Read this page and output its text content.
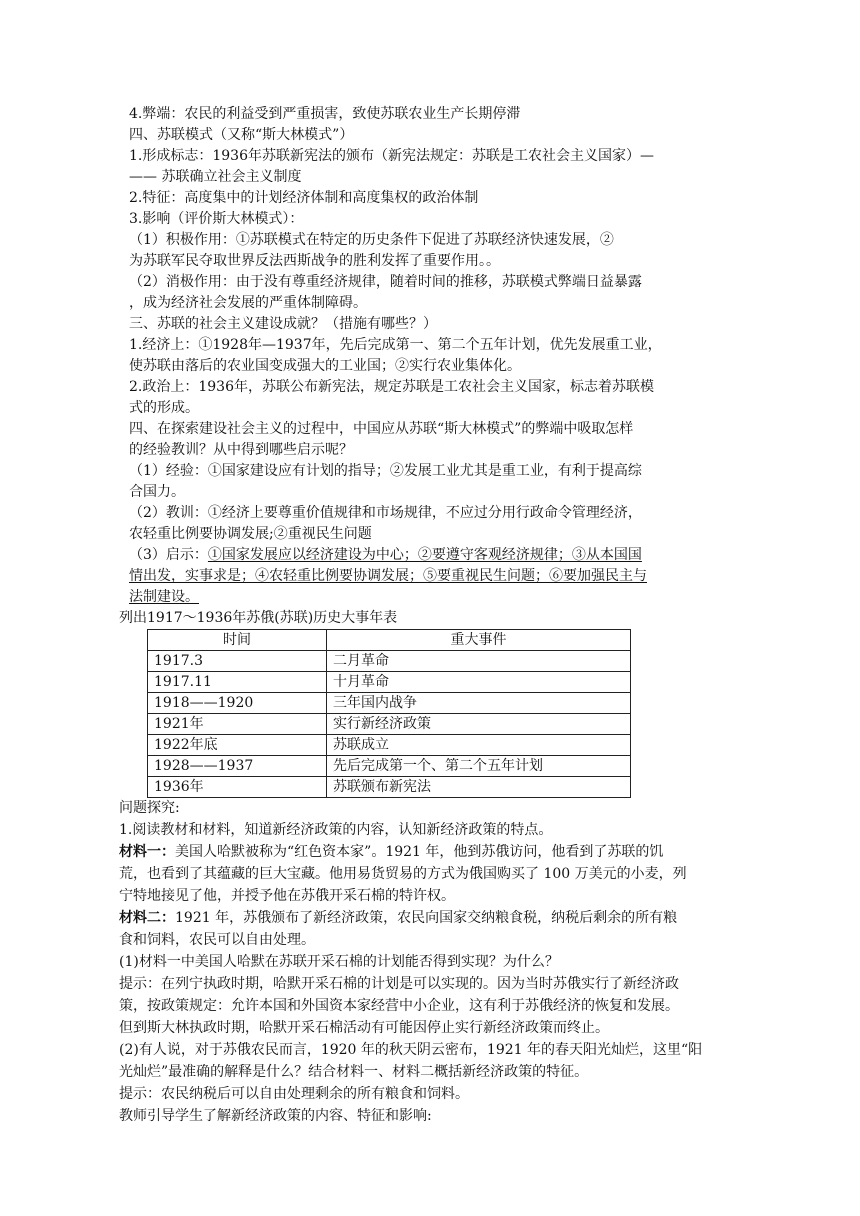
4.弊端：农民的利益受到严重损害，致使苏联农业生产长期停滞

四、苏联模式（又称“斯大林模式”）

1.形成标志：1936年苏联新宪法的颁布（新宪法规定：苏联是工农社会主义国家）—

—— 苏联确立社会主义制度

2.特征：高度集中的计划经济体制和高度集权的政治体制

3.影响（评价斯大林模式）：

（1）积极作用：①苏联模式在特定的历史条件下促进了苏联经济快速发展，②

为苏联军民夺取世界反法西斯战争的胜利发挥了重要作用。。

（2）消极作用：由于没有尊重经济规律，随着时间的推移，苏联模式弊端日益暴露

，成为经济社会发展的严重体制障碍。

三、苏联的社会主义建设成就？（措施有哪些？）

1.经济上：①1928年—1937年，先后完成第一、第二个五年计划，优先发展重工业，

使苏联由落后的农业国变成强大的工业国；②实行农业集体化。

2.政治上：1936年，苏联公布新宪法，规定苏联是工农社会主义国家，标志着苏联模

式的形成。

四、在探索建设社会主义的过程中，中国应从苏联“斯大林模式”的弊端中吸取怎样

的经验教训？从中得到哪些启示呢？

（1）经验：①国家建设应有计划的指导；②发展工业尤其是重工业，有利于提高综

合国力。

（2）教训：①经济上要尊重价值规律和市场规律，不应过分用行政命令管理经济，

农轻重比例要协调发展;②重视民生问题

（3）启示：①国家发展应以经济建设为中心；②要遵守客观经济规律；③从本国国

情出发，实事求是；④农轻重比例要协调发展；⑤要重视民生问题；⑥要加强民主与

法制建设。

列出1917～1936年苏俄(苏联)历史大事年表

时间	重大事件
1917.3	二月革命
1917.11	十月革命
1918——1920	三年国内战争
1921年	实行新经济政策
1922年底	苏联成立
1928——1937	先后完成第一个、第二个五年计划
1936年	苏联颁布新宪法

问题探究:

1.阅读教材和材料，知道新经济政策的内容，认知新经济政策的特点。

材料一：美国人哈默被称为“红色资本家”。1921 年，他到苏俄访问，他看到了苏联的饥

荒，也看到了其蕴藏的巨大宝藏。他用易货贸易的方式为俄国购买了 100 万美元的小麦，列

宁特地接见了他，并授予他在苏俄开采石棉的特许权。

材料二：1921 年，苏俄颁布了新经济政策，农民向国家交纳粮食税，纳税后剩余的所有粮

食和饲料，农民可以自由处理。

(1)材料一中美国人哈默在苏联开采石棉的计划能否得到实现？为什么？

提示：在列宁执政时期，哈默开采石棉的计划是可以实现的。因为当时苏俄实行了新经济政

策，按政策规定：允许本国和外国资本家经营中小企业，这有利于苏俄经济的恢复和发展。

但到斯大林执政时期，哈默开采石棉活动有可能因停止实行新经济政策而终止。

(2)有人说，对于苏俄农民而言，1920 年的秋天阴云密布，1921 年的春天阳光灿烂，这里“阳

光灿烂”最准确的解释是什么？结合材料一、材料二概括新经济政策的特征。

提示：农民纳税后可以自由处理剩余的所有粮食和饲料。

教师引导学生了解新经济政策的内容、特征和影响:
